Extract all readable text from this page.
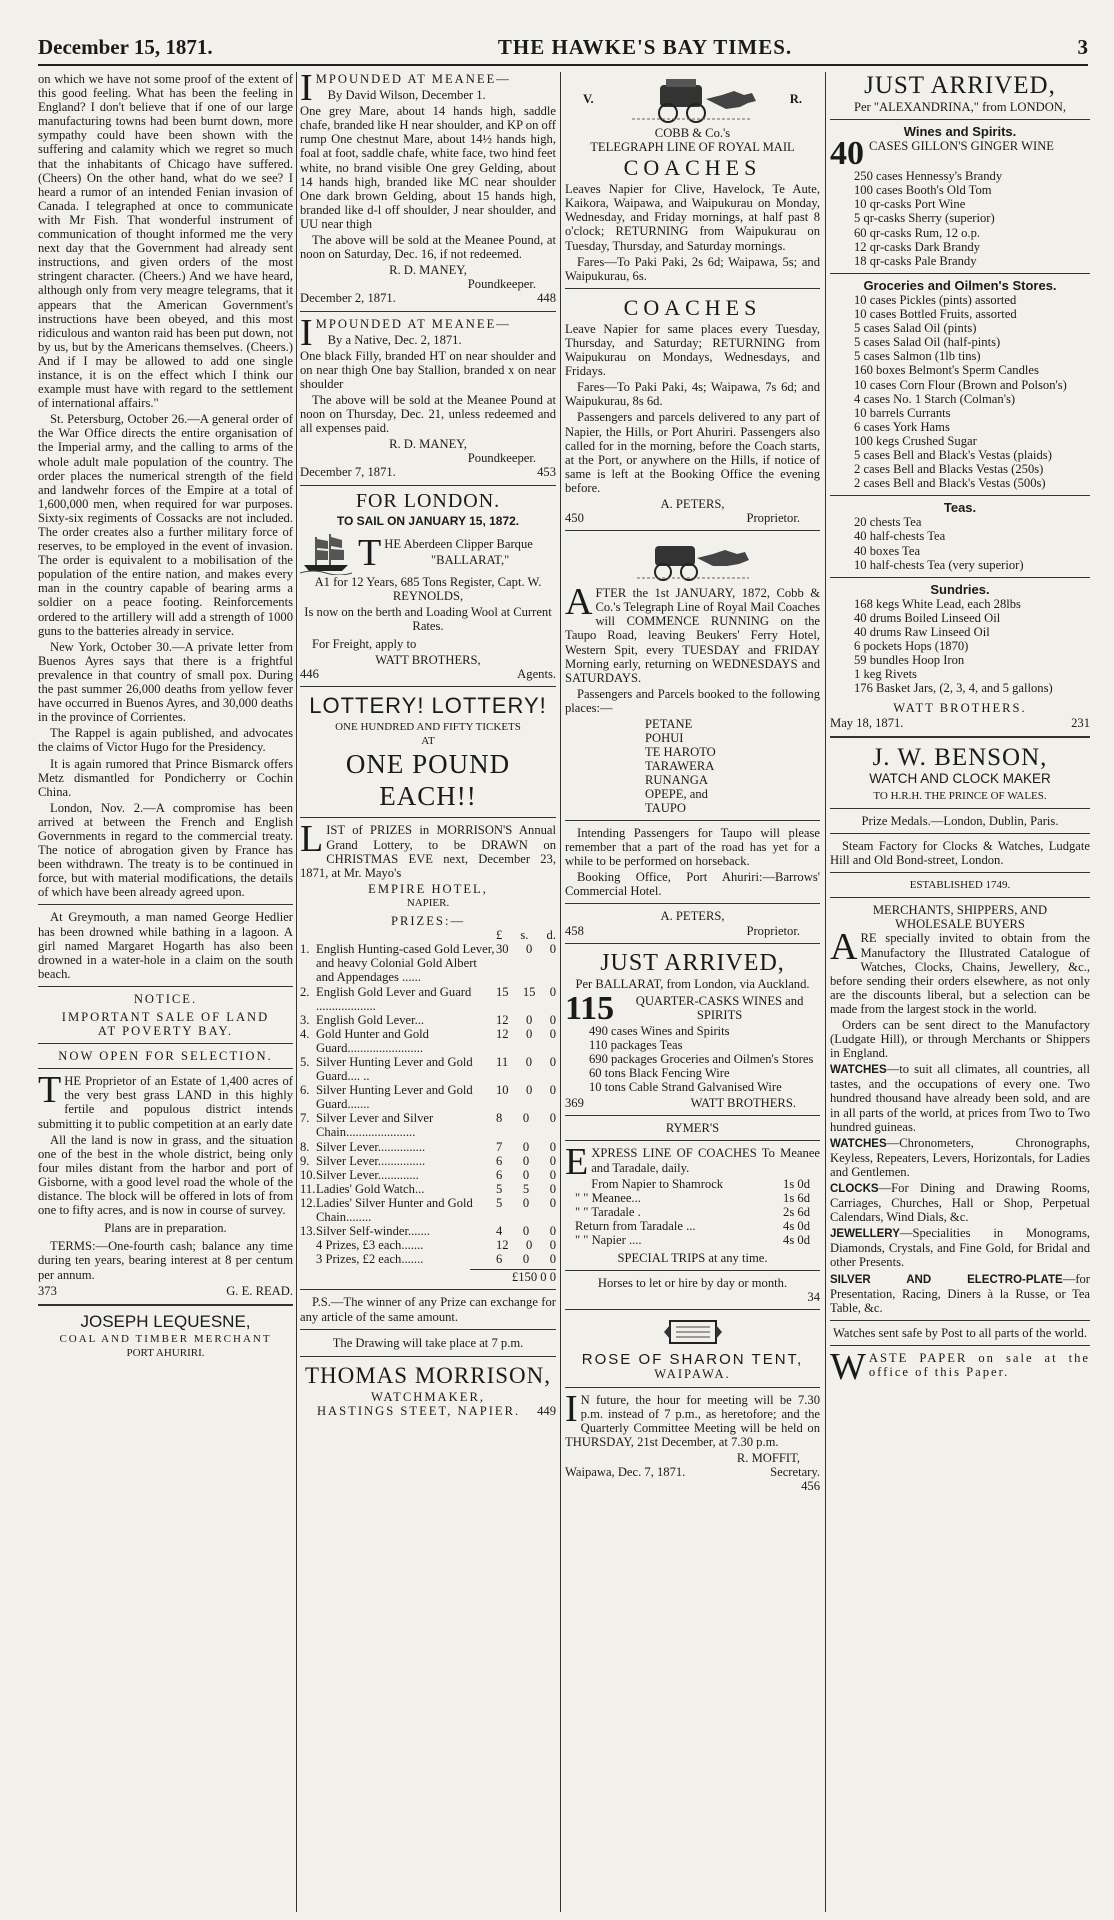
December 15, 1871.	THE HAWKE'S BAY TIMES.	3

on which we have not some proof of the extent of this good feeling. What has been the feeling in England? I don't believe that if one of our large manufacturing towns had been burnt down, more sympathy could have been shown with the suffering and calamity which we regret so much that the inhabitants of Chicago have suffered. (Cheers) On the other hand, what do we see? I heard a rumor of an intended Fenian invasion of Canada. I telegraphed at once to communicate with Mr Fish. That wonderful instrument of communication of thought informed me the very next day that the Government had already sent instructions, and given orders of the most stringent character. (Cheers.) And we have heard, although only from very meagre telegrams, that it appears that the American Government's instructions have been obeyed, and this most ridiculous and wanton raid has been put down, not by us, but by the Americans themselves. (Cheers.) And if I may be allowed to add one single instance, it is on the effect which I think our example must have with regard to the settlement of international affairs."

St. Petersburg, October 26.—A general order of the War Office directs the entire organisation of the Imperial army, and the calling to arms of the whole adult male population of the country. The order places the numerical strength of the field and landwehr forces of the Empire at a total of 1,600,000 men, when required for war purposes. Sixty-six regiments of Cossacks are not included. The order creates also a further military force of reserves, to be employed in the event of invasion. The order is equivalent to a mobilisation of the population of the entire nation, and makes every man in the country capable of bearing arms a soldier on a peace footing. Reinforcements ordered to the artillery will add a strength of 1000 guns to the batteries already in service.

New York, October 30.—A private letter from Buenos Ayres says that there is a frightful prevalence in that country of small pox. During the past summer 26,000 deaths from yellow fever have occurred in Buenos Ayres, and 30,000 deaths in the province of Corrientes.

The Rappel is again published, and advocates the claims of Victor Hugo for the Presidency.

It is again rumored that Prince Bismarck offers Metz dismantled for Pondicherry or Cochin China.

London, Nov. 2.—A compromise has been arrived at between the French and English Governments in regard to the commercial treaty. The notice of abrogation given by France has been withdrawn. The treaty is to be continued in force, but with material modifications, the details of which have been already agreed upon.

At Greymouth, a man named George Hedlier has been drowned while bathing in a lagoon. A girl named Margaret Hogarth has also been drowned in a water-hole in a claim on the south beach.

NOTICE.
IMPORTANT SALE OF LAND
AT POVERTY BAY.
NOW OPEN FOR SELECTION.

THE Proprietor of an Estate of 1,400 acres of the very best grass LAND in this highly fertile and populous district intends submitting it to public competition at an early date

All the land is now in grass, and the situation one of the best in the whole district, being only four miles distant from the harbor and port of Gisborne, with a good level road the whole of the distance. The block will be offered in lots of from one to fifty acres, and is now in course of survey.

Plans are in preparation.

TERMS:—One-fourth cash; balance any time during ten years, bearing interest at 8 per centum per annum.

373	G. E. READ.
JOSEPH LEQUESNE,
COAL AND TIMBER MERCHANT
PORT AHURIRI.

IMPOUNDED AT MEANEE—

By David Wilson, December 1.

One grey Mare, about 14 hands high, saddle chafe, branded like H near shoulder, and KP on off rump One chestnut Mare, about 14½ hands high, foal at foot, saddle chafe, white face, two hind feet white, no brand visible One grey Gelding, about 14 hands high, branded like MC near shoulder One dark brown Gelding, about 15 hands high, branded like d-l off shoulder, J near shoulder, and UU near thigh

The above will be sold at the Meanee Pound, at noon on Saturday, Dec. 16, if not redeemed.

R. D. MANEY,
Poundkeeper.
December 2, 1871.	448

IMPOUNDED AT MEANEE—

By a Native, Dec. 2, 1871.

One black Filly, branded HT on near shoulder and on near thigh One bay Stallion, branded x on near shoulder

The above will be sold at the Meanee Pound at noon on Thursday, Dec. 21, unless redeemed and all expenses paid.

R. D. MANEY,
Poundkeeper.
December 7, 1871.	453
FOR LONDON.
TO SAIL ON JANUARY 15, 1872.

THE Aberdeen Clipper Barque

"BALLARAT,"

A1 for 12 Years, 685 Tons Register, Capt. W. REYNOLDS,

Is now on the berth and Loading Wool at Current Rates.

For Freight, apply to

WATT BROTHERS,
446	Agents.
LOTTERY! LOTTERY!
ONE HUNDRED AND FIFTY TICKETS
AT
ONE POUND EACH!!

LIST of PRIZES in MORRISON'S Annual Grand Lottery, to be DRAWN on CHRISTMAS EVE next, December 23, 1871, at Mr. Mayo's

EMPIRE HOTEL,
NAPIER.
PRIZES:—
£ s. d.
1. English Hunting-cased Gold Lever, and heavy Colonial Gold Albert and Appendages ......
30 0 0
2. English Gold Lever and Guard ...................
15 15 0
3. English Gold Lever...	12 0 0
4. Gold Hunter and Gold Guard........................
12 0 0
5. Silver Hunting Lever and Gold Guard.... ..
11 0 0
6. Silver Hunting Lever and Gold Guard.......
10 0 0
7. Silver Lever and Silver Chain......................
8 0 0
8. Silver Lever...............	7 0 0
9. Silver Lever...............	6 0 0
10. Silver Lever.............	6 0 0
11. Ladies' Gold Watch...	5 5 0
12. Ladies' Silver Hunter and Gold Chain........
5 0 0
13. Silver Self-winder.......	4 0 0
4 Prizes, £3 each.......	12 0 0
3 Prizes, £2 each.......	6 0 0
£150 0 0

P.S.—The winner of any Prize can exchange for any article of the same amount.

The Drawing will take place at 7 p.m.
THOMAS MORRISON,
WATCHMAKER,
HASTINGS STEET, NAPIER.	449
V.	R.
COBB & Co.'s
TELEGRAPH LINE OF ROYAL MAIL
COACHES

Leaves Napier for Clive, Havelock, Te Aute, Kaikora, Waipawa, and Waipukurau on Monday, Wednesday, and Friday mornings, at half past 8 o'clock; RETURNING from Waipukurau on Tuesday, Thursday, and Saturday mornings.

Fares—To Paki Paki, 2s 6d; Waipawa, 5s; and Waipukurau, 6s.

COACHES

Leave Napier for same places every Tuesday, Thursday, and Saturday; RETURNING from Waipukurau on Mondays, Wednesdays, and Fridays.

Fares—To Paki Paki, 4s; Waipawa, 7s 6d; and Waipukurau, 8s 6d.

Passengers and parcels delivered to any part of Napier, the Hills, or Port Ahuriri. Passengers also called for in the morning, before the Coach starts, at the Port, or anywhere on the Hills, if notice of same is left at the Booking Office the evening before.

A. PETERS,
450	Proprietor.

AFTER the 1st JANUARY, 1872, Cobb & Co.'s Telegraph Line of Royal Mail Coaches will COMMENCE RUNNING on the Taupo Road, leaving Beukers' Ferry Hotel, Western Spit, every TUESDAY and FRIDAY Morning early, returning on WEDNESDAYS and SATURDAYS.

Passengers and Parcels booked to the following places:—

PETANE
POHUI
TE HAROTO
TARAWERA
RUNANGA
OPEPE, and
TAUPO

Intending Passengers for Taupo will please remember that a part of the road has yet for a while to be performed on horseback.

Booking Office, Port Ahuriri:—Barrows' Commercial Hotel.

A. PETERS,
458	Proprietor.
JUST ARRIVED,
Per BALLARAT, from London, via Auckland.
115	QUARTER-CASKS WINES and SPIRITS
490 cases Wines and Spirits
110 packages Teas
690 packages Groceries and Oilmen's Stores
60 tons Black Fencing Wire
10 tons Cable Strand Galvanised Wire
369	WATT BROTHERS.
RYMER'S

EXPRESS LINE OF COACHES To Meanee and Taradale, daily.

From Napier to Shamrock	1s 0d
" " Meanee...	1s 6d
" " Taradale .	2s 6d
Return from Taradale ...	4s 0d
" " Napier ....	4s 0d
SPECIAL TRIPS at any time.
Horses to let or hire by day or month.
34
ROSE OF SHARON TENT,
WAIPAWA.

I N future, the hour for meeting will be 7.30 p.m. instead of 7 p.m., as heretofore; and the Quarterly Committee Meeting will be held on THURSDAY, 21st December, at 7.30 p.m.

R. MOFFIT,
Waipawa, Dec. 7, 1871.	Secretary.
456
JUST ARRIVED,
Per "ALEXANDRINA," from LONDON,
Wines and Spirits.
40 CASES GILLON'S GINGER WINE
250 cases Hennessy's Brandy
100 cases Booth's Old Tom
10 qr-casks Port Wine
5 qr-casks Sherry (superior)
60 qr-casks Rum, 12 o.p.
12 qr-casks Dark Brandy
18 qr-casks Pale Brandy
Groceries and Oilmen's Stores.
10 cases Pickles (pints) assorted
10 cases Bottled Fruits, assorted
5 cases Salad Oil (pints)
5 cases Salad Oil (half-pints)
5 cases Salmon (1lb tins)
160 boxes Belmont's Sperm Candles
10 cases Corn Flour (Brown and Polson's)
4 cases No. 1 Starch (Colman's)
10 barrels Currants
6 cases York Hams
100 kegs Crushed Sugar
5 cases Bell and Black's Vestas (plaids)
2 cases Bell and Blacks Vestas (250s)
2 cases Bell and Black's Vestas (500s)
Teas.
20 chests Tea
40 half-chests Tea
40 boxes Tea
10 half-chests Tea (very superior)
Sundries.
168 kegs White Lead, each 28lbs
40 drums Boiled Linseed Oil
40 drums Raw Linseed Oil
6 pockets Hops (1870)
59 bundles Hoop Iron
1 keg Rivets
176 Basket Jars, (2, 3, 4, and 5 gallons)
WATT BROTHERS.
May 18, 1871.	231
J. W. BENSON,
WATCH AND CLOCK MAKER
TO H.R.H. THE PRINCE OF WALES.
Prize Medals.—London, Dublin, Paris.

Steam Factory for Clocks & Watches, Ludgate Hill and Old Bond-street, London.

ESTABLISHED 1749.
MERCHANTS, SHIPPERS, AND
WHOLESALE BUYERS

ARE specially invited to obtain from the Manufactory the Illustrated Catalogue of Watches, Clocks, Chains, Jewellery, &c., before sending their orders elsewhere, as not only are the discounts liberal, but a selection can be made from the largest stock in the world.

Orders can be sent direct to the Manufactory (Ludgate Hill), or through Merchants or Shippers in England.

WATCHES—to suit all climates, all countries, all tastes, and the occupations of every one. Two hundred thousand have already been sold, and are in all parts of the world, at prices from Two to Two hundred guineas.

WATCHES—Chronometers, Chronographs, Keyless, Repeaters, Levers, Horizontals, for Ladies and Gentlemen.

CLOCKS—For Dining and Drawing Rooms, Carriages, Churches, Hall or Shop, Perpetual Calendars, Wind Dials, &c.

JEWELLERY—Specialities in Monograms, Diamonds, Crystals, and Fine Gold, for Bridal and other Presents.

SILVER AND ELECTRO-PLATE—for Presentation, Racing, Diners à la Russe, or Tea Table, &c.

Watches sent safe by Post to all parts of the world.

WASTE PAPER on sale at the office of this Paper.
